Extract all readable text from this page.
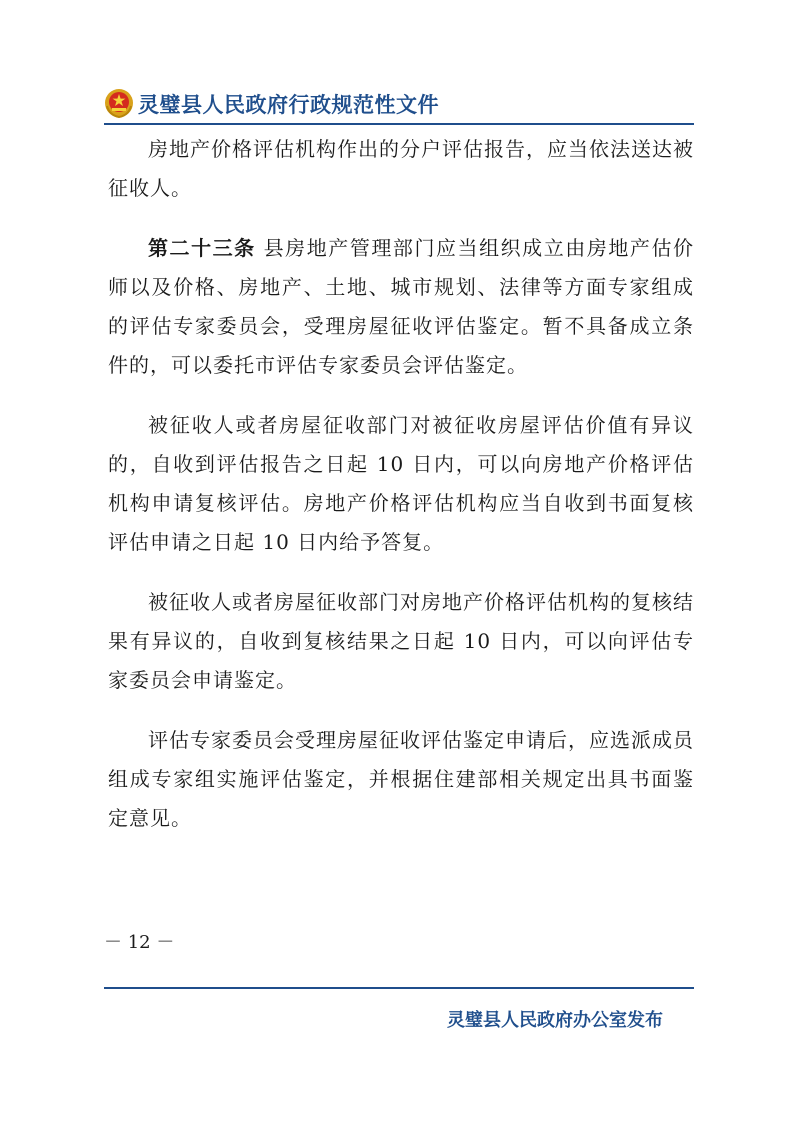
灵璧县人民政府行政规范性文件

房地产价格评估机构作出的分户评估报告，应当依法送达被征收人。

第二十三条 县房地产管理部门应当组织成立由房地产估价师以及价格、房地产、土地、城市规划、法律等方面专家组成的评估专家委员会，受理房屋征收评估鉴定。暂不具备成立条件的，可以委托市评估专家委员会评估鉴定。

被征收人或者房屋征收部门对被征收房屋评估价值有异议的，自收到评估报告之日起 10 日内，可以向房地产价格评估机构申请复核评估。房地产价格评估机构应当自收到书面复核评估申请之日起 10 日内给予答复。

被征收人或者房屋征收部门对房地产价格评估机构的复核结果有异议的，自收到复核结果之日起 10 日内，可以向评估专家委员会申请鉴定。

评估专家委员会受理房屋征收评估鉴定申请后，应选派成员组成专家组实施评估鉴定，并根据住建部相关规定出具书面鉴定意见。

－ 12 －
灵璧县人民政府办公室发布
